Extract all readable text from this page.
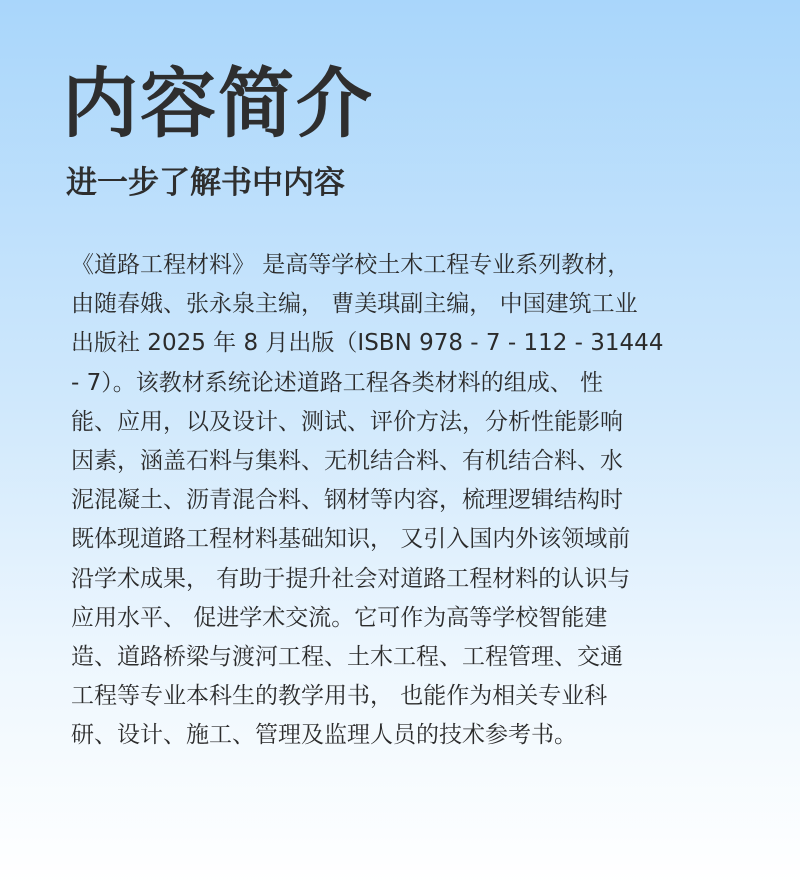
内容简介
进一步了解书中内容
《道路工程材料》 是高等学校土木工程专业系列教材，
由随春娥、张永泉主编， 曹美琪副主编， 中国建筑工业
出版社 2025 年 8 月出版（ISBN 978 - 7 - 112 - 31444
- 7）。该教材系统论述道路工程各类材料的组成、 性
能、应用，以及设计、测试、评价方法，分析性能影响
因素，涵盖石料与集料、无机结合料、有机结合料、水
泥混凝土、沥青混合料、钢材等内容，梳理逻辑结构时
既体现道路工程材料基础知识， 又引入国内外该领域前
沿学术成果， 有助于提升社会对道路工程材料的认识与
应用水平、 促进学术交流。它可作为高等学校智能建
造、道路桥梁与渡河工程、土木工程、工程管理、交通
工程等专业本科生的教学用书， 也能作为相关专业科
研、设计、施工、管理及监理人员的技术参考书。
